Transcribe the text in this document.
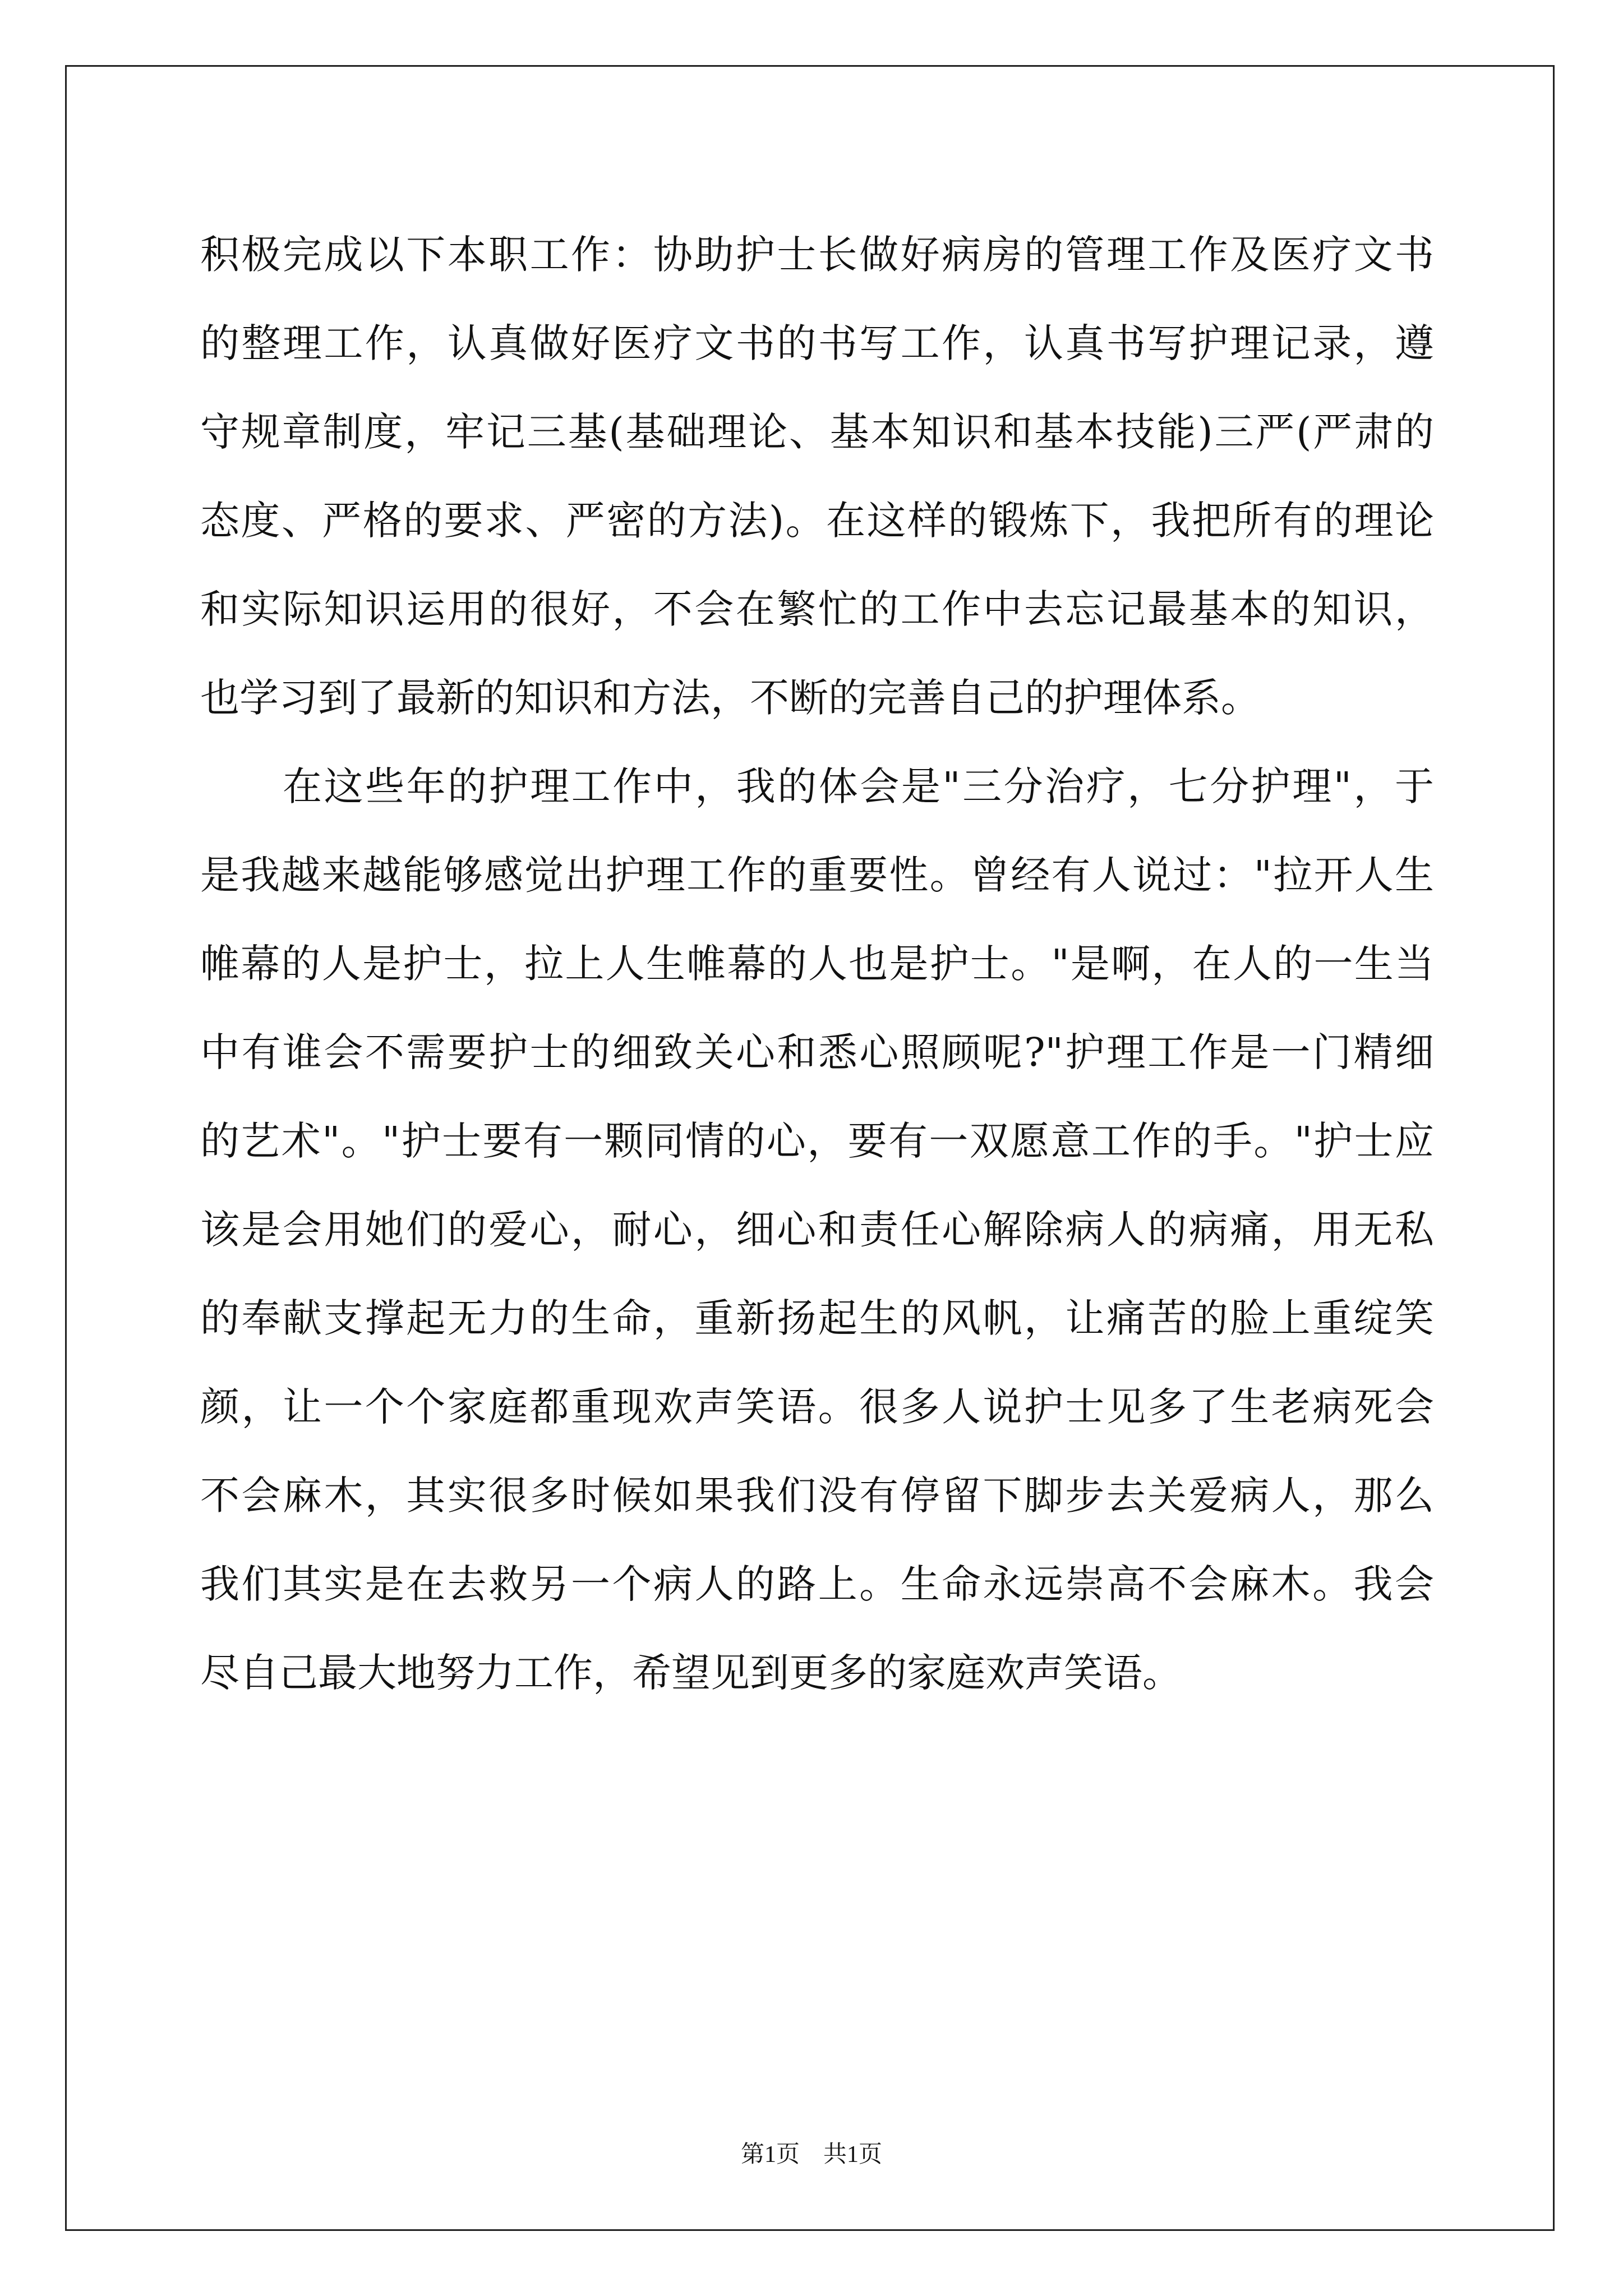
积极完成以下本职工作：协助护士长做好病房的管理工作及医疗文书
的整理工作，认真做好医疗文书的书写工作，认真书写护理记录，遵
守规章制度，牢记三基(基础理论、基本知识和基本技能)三严(严肃的
态度、严格的要求、严密的方法)。在这样的锻炼下，我把所有的理论
和实际知识运用的很好，不会在繁忙的工作中去忘记最基本的知识，
也学习到了最新的知识和方法，不断的完善自己的护理体系。
　　在这些年的护理工作中，我的体会是"三分治疗，七分护理"，于
是我越来越能够感觉出护理工作的重要性。曾经有人说过："拉开人生
帷幕的人是护士，拉上人生帷幕的人也是护士。"是啊，在人的一生当
中有谁会不需要护士的细致关心和悉心照顾呢?"护理工作是一门精细
的艺术"。"护士要有一颗同情的心，要有一双愿意工作的手。"护士应
该是会用她们的爱心，耐心，细心和责任心解除病人的病痛，用无私
的奉献支撑起无力的生命，重新扬起生的风帆，让痛苦的脸上重绽笑
颜，让一个个家庭都重现欢声笑语。很多人说护士见多了生老病死会
不会麻木，其实很多时候如果我们没有停留下脚步去关爱病人，那么
我们其实是在去救另一个病人的路上。生命永远崇高不会麻木。我会
尽自己最大地努力工作，希望见到更多的家庭欢声笑语。
第1页　共1页
